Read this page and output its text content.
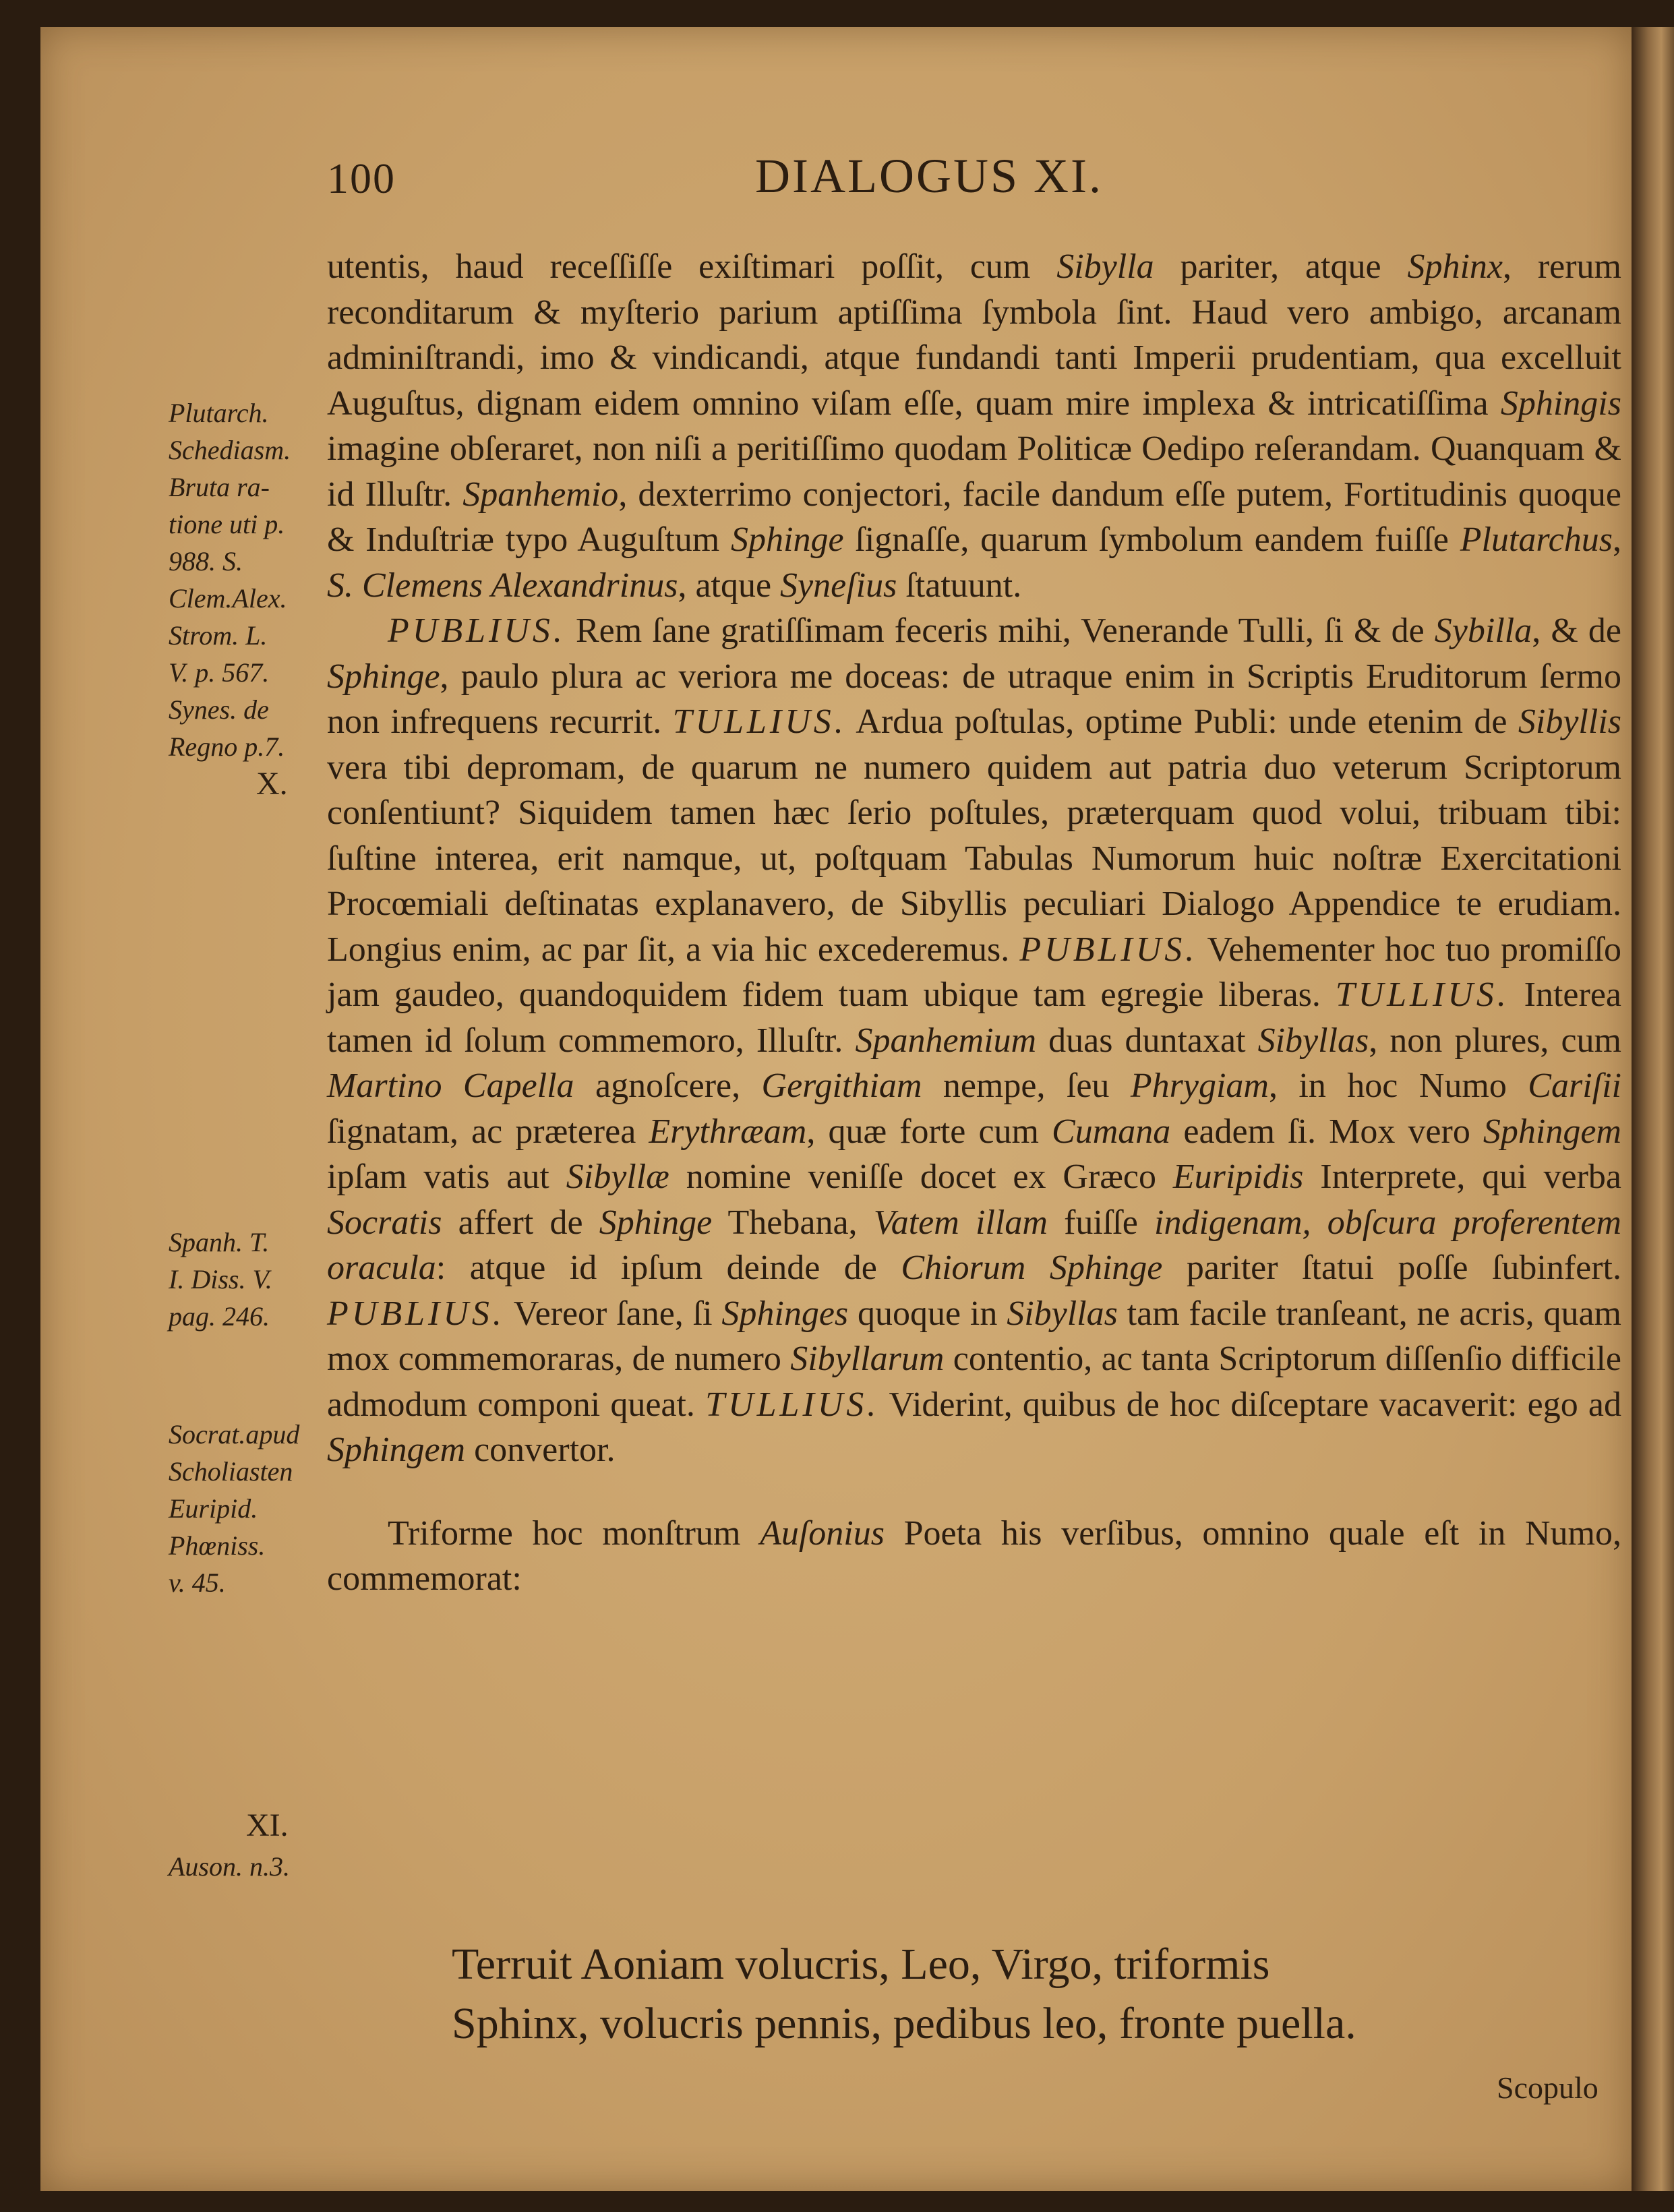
100	DIALOGUS XI.
Plutarch.
Schediasm.
Bruta ra-
tione uti p.
988. S.
Clem.Alex.
Strom. L.
V. p. 567.
Synes. de
Regno p.7.
X.
Spanh. T.
I. Diss. V.
pag. 246.
Socrat.apud
Scholiasten
Euripid.
Phœniss.
v. 45.
XI.
Auson. n.3.

utentis, haud receſſiſſe exiſtimari poſſit, cum Sibylla pariter, atque Sphinx, rerum reconditarum & myſterio parium aptiſſima ſymbola ſint. Haud vero ambigo, arcanam adminiſtrandi, imo & vindicandi, atque fundandi tanti Imperii prudentiam, qua excelluit Auguſtus, dignam eidem omnino viſam eſſe, quam mire implexa & intricatiſſima Sphingis imagine obſeraret, non niſi a peritiſſimo quodam Politicæ Oedipo reſerandam. Quanquam & id Illuſtr. Spanhemio, dexterrimo conjectori, facile dandum eſſe putem, Fortitudinis quoque & Induſtriæ typo Auguſtum Sphinge ſignaſſe, quarum ſymbolum eandem fuiſſe Plutarchus, S. Clemens Alexandrinus, atque Syneſius ſtatuunt.

PUBLIUS. Rem ſane gratiſſimam feceris mihi, Venerande Tulli, ſi & de Sybilla, & de Sphinge, paulo plura ac veriora me doceas: de utraque enim in Scriptis Eruditorum ſermo non infrequens recurrit. TULLIUS. Ardua poſtulas, optime Publi: unde etenim de Sibyllis vera tibi depromam, de quarum ne numero quidem aut patria duo veterum Scriptorum conſentiunt? Siquidem tamen hæc ſerio poſtules, præterquam quod volui, tribuam tibi: ſuſtine interea, erit namque, ut, poſtquam Tabulas Numorum huic noſtræ Exercitationi Procœmiali deſtinatas explanavero, de Sibyllis peculiari Dialogo Appendice te erudiam. Longius enim, ac par ſit, a via hic excederemus. PUBLIUS. Vehementer hoc tuo promiſſo jam gaudeo, quandoquidem fidem tuam ubique tam egregie liberas. TULLIUS. Interea tamen id ſolum commemoro, Illuſtr. Spanhemium duas duntaxat Sibyllas, non plures, cum Martino Capella agnoſcere, Gergithiam nempe, ſeu Phrygiam, in hoc Numo Cariſii ſignatam, ac præterea Erythræam, quæ forte cum Cumana eadem ſi. Mox vero Sphingem ipſam vatis aut Sibyllæ nomine veniſſe docet ex Græco Euripidis Interprete, qui verba Socratis affert de Sphinge Thebana, Vatem illam fuiſſe indigenam, obſcura proferentem oracula: atque id ipſum deinde de Chiorum Sphinge pariter ſtatui poſſe ſubinfert. PUBLIUS. Vereor ſane, ſi Sphinges quoque in Sibyllas tam facile tranſeant, ne acris, quam mox commemoraras, de numero Sibyllarum contentio, ac tanta Scriptorum diſſenſio difficile admodum componi queat. TULLIUS. Viderint, quibus de hoc diſceptare vacaverit: ego ad Sphingem convertor.

Triforme hoc monſtrum Auſonius Poeta his verſibus, omnino quale eſt in Numo, commemorat:

Terruit Aoniam volucris, Leo, Virgo, triformis
Sphinx, volucris pennis, pedibus leo, fronte puella.
Scopulo
